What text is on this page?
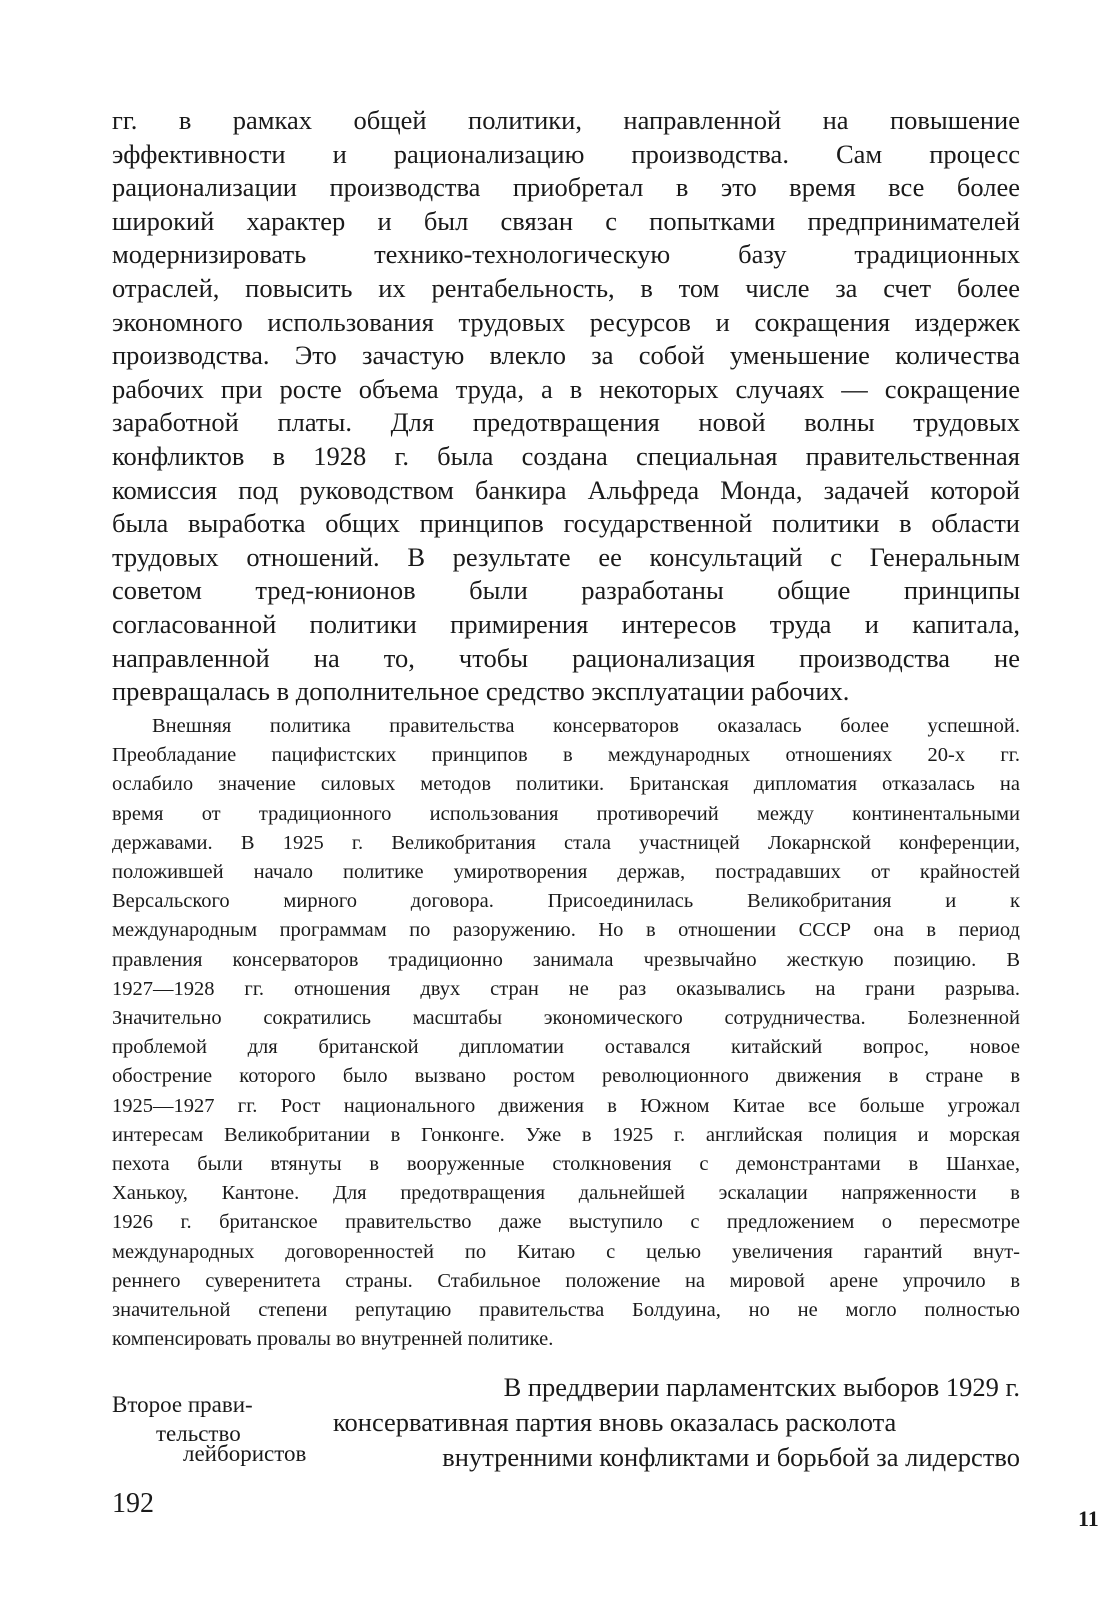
гг. в рамках общей политики, направленной на повышение
эффективности и рационализацию производства. Сам процесс
рационализации производства приобретал в это время все более
широкий характер и был связан с попытками предпринимателей
модернизировать технико-технологическую базу традиционных
отраслей, повысить их рентабельность, в том числе за счет более
экономного использования трудовых ресурсов и сокращения издержек
производства. Это зачастую влекло за собой уменьшение количества
рабочих при росте объема труда, а в некоторых случаях — сокращение
заработной платы. Для предотвращения новой волны трудовых
конфликтов в 1928 г. была создана специальная правительственная
комиссия под руководством банкира Альфреда Монда, задачей которой
была выработка общих принципов государственной политики в области
трудовых отношений. В результате ее консультаций с Генеральным
советом тред-юнионов были разработаны общие принципы
согласованной политики примирения интересов труда и капитала,
направленной на то, чтобы рационализация производства не
превращалась в дополнительное средство эксплуатации рабочих.
Внешняя политика правительства консерваторов оказалась более успешной.
Преобладание пацифистских принципов в международных отношениях 20-х гг.
ослабило значение силовых методов политики. Британская дипломатия отказалась на
время от традиционного использования противоречий между континентальными
державами. В 1925 г. Великобритания стала участницей Локарнской конференции,
положившей начало политике умиротворения держав, пострадавших от крайностей
Версальского мирного договора. Присоединилась Великобритания и к
международным программам по разоружению. Но в отношении СССР она в период
правления консерваторов традиционно занимала чрезвычайно жесткую позицию. В
1927—1928 гг. отношения двух стран не раз оказывались на грани разрыва.
Значительно сократились масштабы экономического сотрудничества. Болезненной
проблемой для британской дипломатии оставался китайский вопрос, новое
обострение которого было вызвано ростом революционного движения в стране в
1925—1927 гг. Рост национального движения в Южном Китае все больше угрожал
интересам Великобритании в Гонконге. Уже в 1925 г. английская полиция и морская
пехота были втянуты в вооруженные столкновения с демонстрантами в Шанхае,
Ханькоу, Кантоне. Для предотвращения дальнейшей эскалации напряженности в
1926 г. британское правительство даже выступило с предложением о пересмотре
международных договоренностей по Китаю с целью увеличения гарантий внут-
реннего суверенитета страны. Стабильное положение на мировой арене упрочило в
значительной степени репутацию правительства Болдуина, но не могло полностью
компенсировать провалы во внутренней политике.
В преддверии парламентских выборов 1929 г.
консервативная партия вновь оказалась расколота
внутренними конфликтами и борьбой за лидерство
Второе прави-
тельство
лейбористов
192	11
